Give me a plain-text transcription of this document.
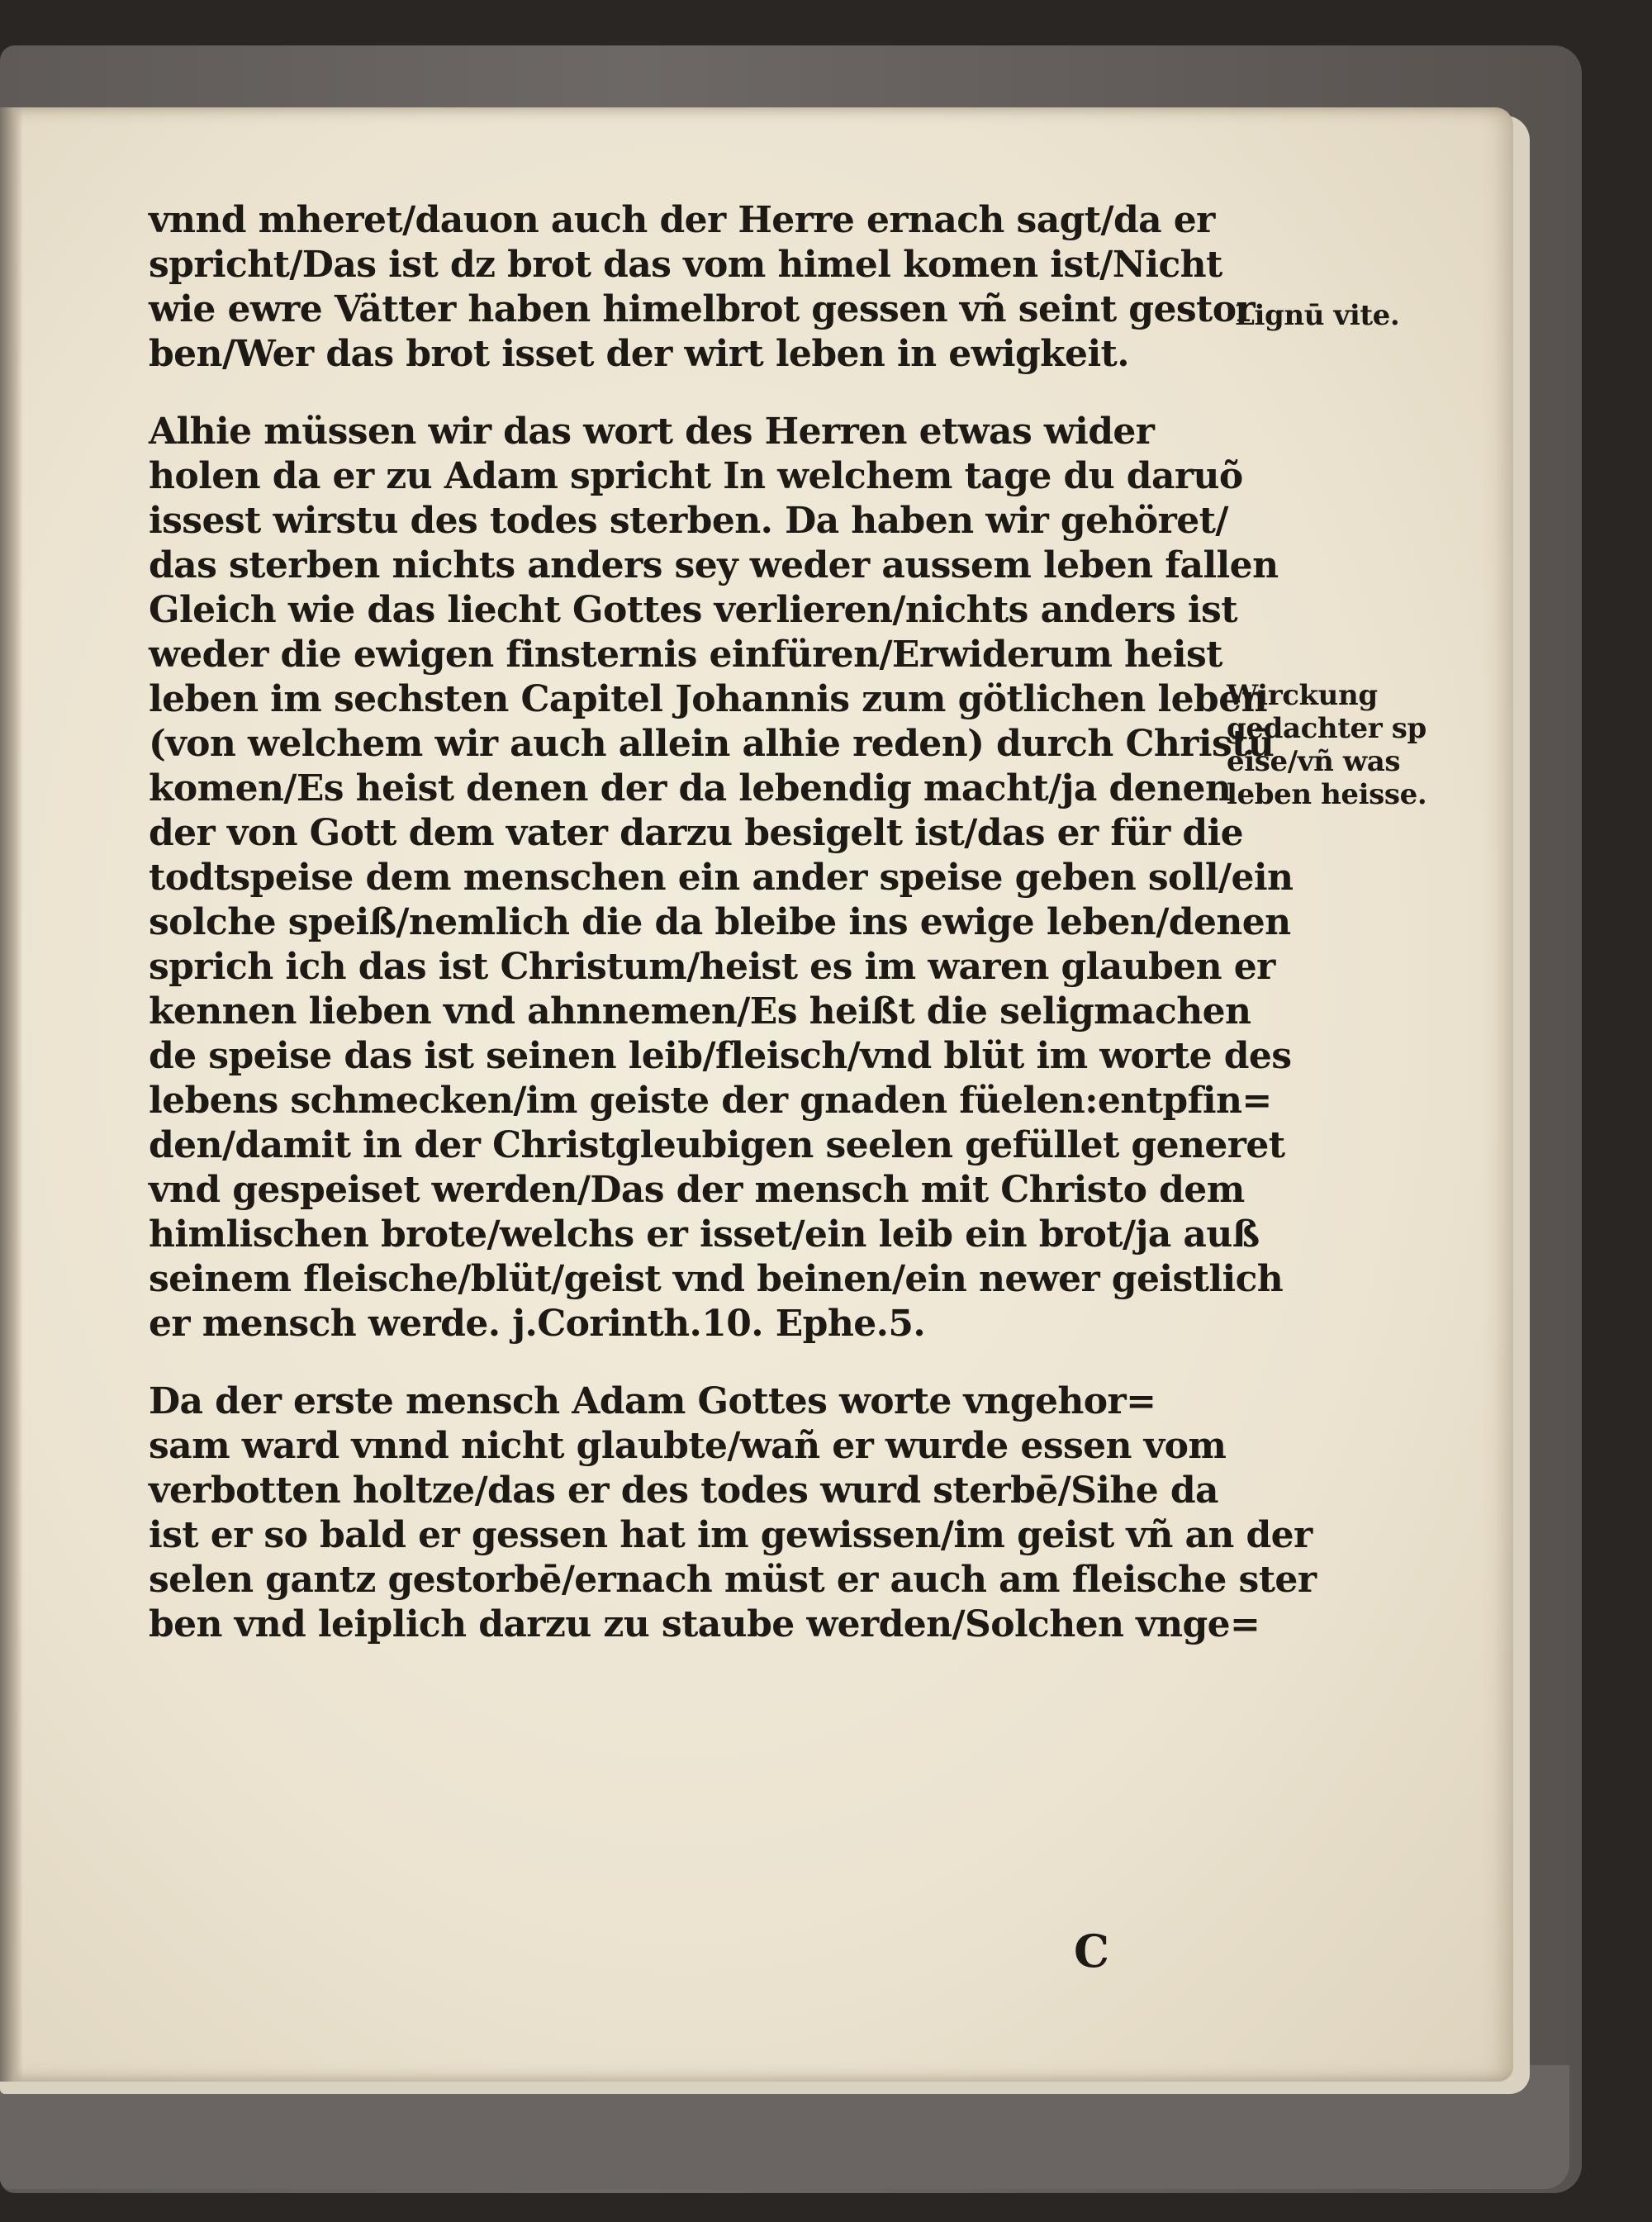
vnnd mheret/dauon auch der Herre ernach sagt/da er
spricht/Das ist dz brot das vom himel komen ist/Nicht
wie ewre Vätter haben himelbrot gessen vñ seint gestor
ben/Wer das brot isset der wirt leben in ewigkeit.
Alhie müssen wir das wort des Herren etwas wider
holen da er zu Adam spricht In welchem tage du daruõ
issest wirstu des todes sterben. Da haben wir gehöret/
das sterben nichts anders sey weder aussem leben fallen
Gleich wie das liecht Gottes verlieren/nichts anders ist
weder die ewigen finsternis einfüren/Erwiderum heist
leben im sechsten Capitel Johannis zum götlichen leben
(von welchem wir auch allein alhie reden) durch Christū
komen/Es heist denen der da lebendig macht/ja denen
der von Gott dem vater darzu besigelt ist/das er für die
todtspeise dem menschen ein ander speise geben soll/ein
solche speiß/nemlich die da bleibe ins ewige leben/denen
sprich ich das ist Christum/heist es im waren glauben er
kennen lieben vnd ahnnemen/Es heißt die seligmachen
de speise das ist seinen leib/fleisch/vnd blüt im worte des
lebens schmecken/im geiste der gnaden füelen:entpfin=
den/damit in der Christgleubigen seelen gefüllet generet
vnd gespeiset werden/Das der mensch mit Christo dem
himlischen brote/welchs er isset/ein leib ein brot/ja auß
seinem fleische/blüt/geist vnd beinen/ein newer geistlich
er mensch werde. j.Corinth.10. Ephe.5.
Da der erste mensch Adam Gottes worte vngehor=
sam ward vnnd nicht glaubte/wañ er wurde essen vom
verbotten holtze/das er des todes wurd sterbē/Sihe da
ist er so bald er gessen hat im gewissen/im geist vñ an der
selen gantz gestorbē/ernach müst er auch am fleische ster
ben vnd leiplich darzu zu staube werden/Solchen vnge=
Lignū vite.
Wirckung
gedachter sp
eise/vñ was
leben heisse.
C
